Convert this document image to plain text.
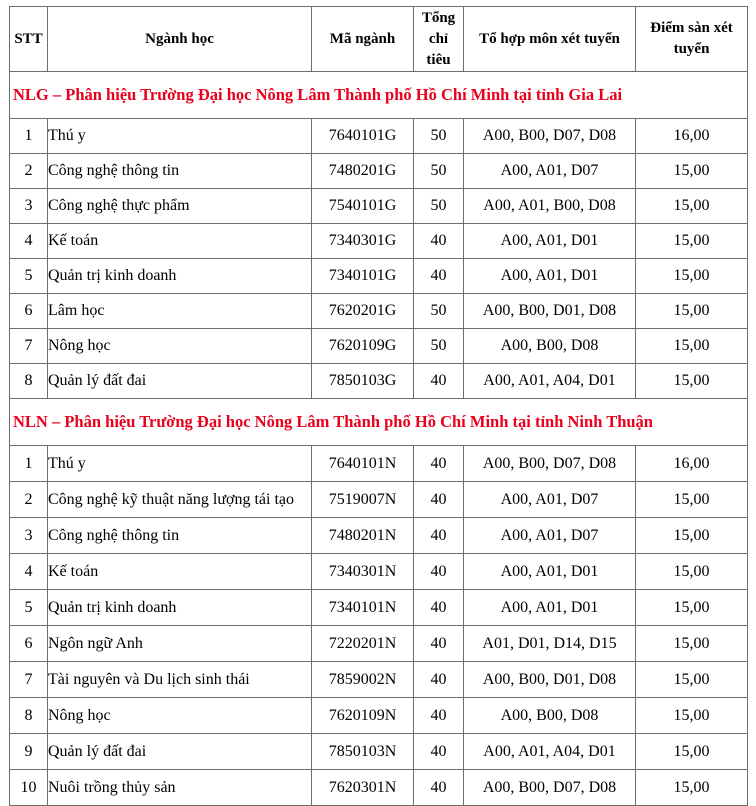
STT	Ngành học	Mã ngành	Tổng
chỉ
tiêu	Tổ hợp môn xét tuyển	Điểm sàn xét
tuyển
NLG – Phân hiệu Trường Đại học Nông Lâm Thành phố Hồ Chí Minh tại tỉnh Gia Lai					
1	Thú y	7640101G	50	A00, B00, D07, D08	16,00
2	Công nghệ thông tin	7480201G	50	A00, A01, D07	15,00
3	Công nghệ thực phẩm	7540101G	50	A00, A01, B00, D08	15,00
4	Kế toán	7340301G	40	A00, A01, D01	15,00
5	Quản trị kinh doanh	7340101G	40	A00, A01, D01	15,00
6	Lâm học	7620201G	50	A00, B00, D01, D08	15,00
7	Nông học	7620109G	50	A00, B00, D08	15,00
8	Quản lý đất đai	7850103G	40	A00, A01, A04, D01	15,00
NLN – Phân hiệu Trường Đại học Nông Lâm Thành phố Hồ Chí Minh tại tỉnh Ninh Thuận					
1	Thú y	7640101N	40	A00, B00, D07, D08	16,00
2	Công nghệ kỹ thuật năng lượng tái tạo	7519007N	40	A00, A01, D07	15,00
3	Công nghệ thông tin	7480201N	40	A00, A01, D07	15,00
4	Kế toán	7340301N	40	A00, A01, D01	15,00
5	Quản trị kinh doanh	7340101N	40	A00, A01, D01	15,00
6	Ngôn ngữ Anh	7220201N	40	A01, D01, D14, D15	15,00
7	Tài nguyên và Du lịch sinh thái	7859002N	40	A00, B00, D01, D08	15,00
8	Nông học	7620109N	40	A00, B00, D08	15,00
9	Quản lý đất đai	7850103N	40	A00, A01, A04, D01	15,00
10	Nuôi trồng thủy sản	7620301N	40	A00, B00, D07, D08	15,00
